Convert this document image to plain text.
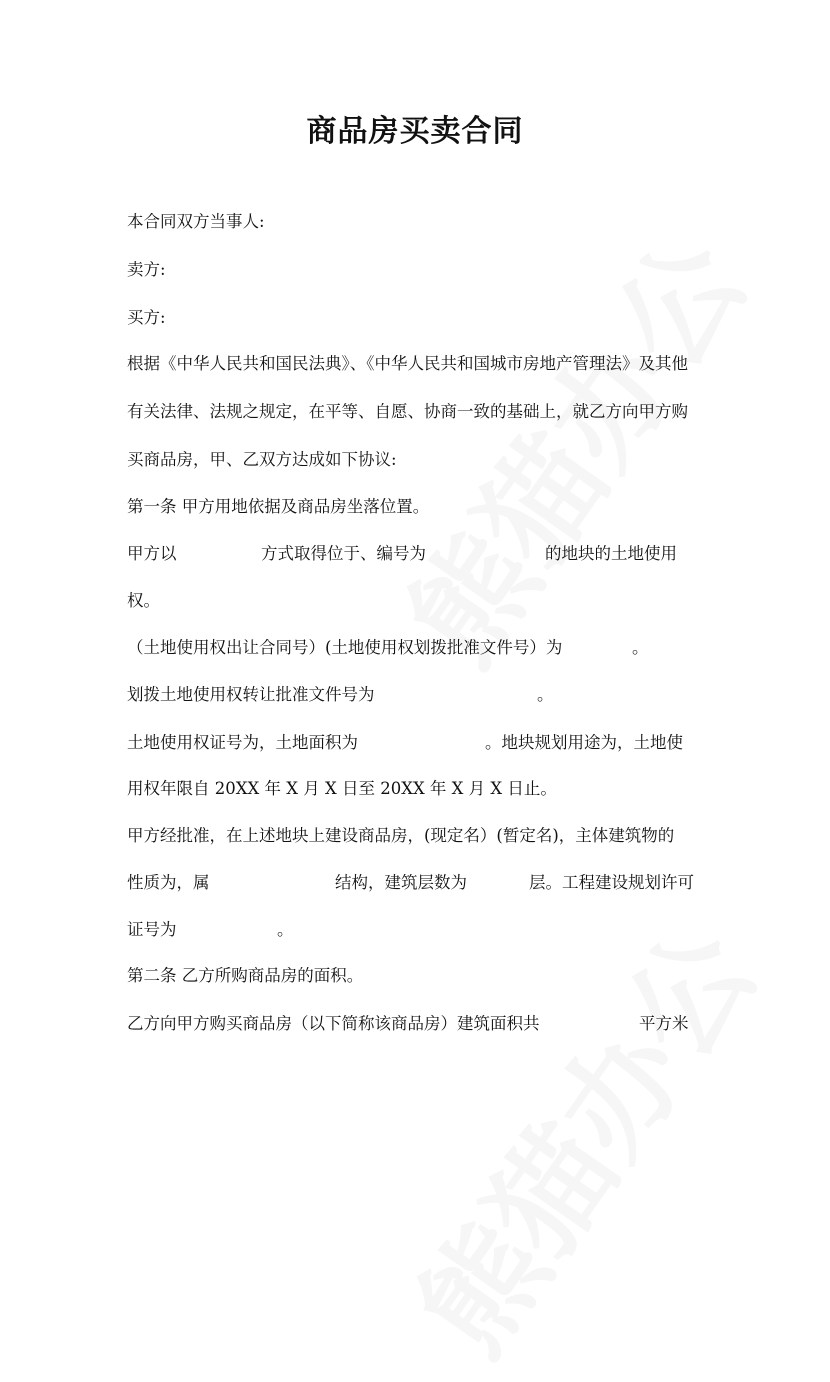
商品房买卖合同
本合同双方当事人:
卖方:
买方:
根据《中华人民共和国民法典》、《中华人民共和国城市房地产管理法》及其他
有关法律、法规之规定，在平等、自愿、协商一致的基础上，就乙方向甲方购
买商品房，甲、乙双方达成如下协议:
第一条 甲方用地依据及商品房坐落位置。
甲方以	方式取得位于、编号为	的地块的土地使用
权。
（土地使用权出让合同号）(土地使用权划拨批准文件号）为	。
划拨土地使用权转让批准文件号为	。
土地使用权证号为，土地面积为	。地块规划用途为，土地使
用权年限自 20XX 年 X 月 X 日至 20XX 年 X 月 X 日止。
甲方经批准，在上述地块上建设商品房，(现定名）(暂定名)，主体建筑物的
性质为，属	结构，建筑层数为	层。工程建设规划许可
证号为	。
第二条 乙方所购商品房的面积。
乙方向甲方购买商品房（以下简称该商品房）建筑面积共	平方米
